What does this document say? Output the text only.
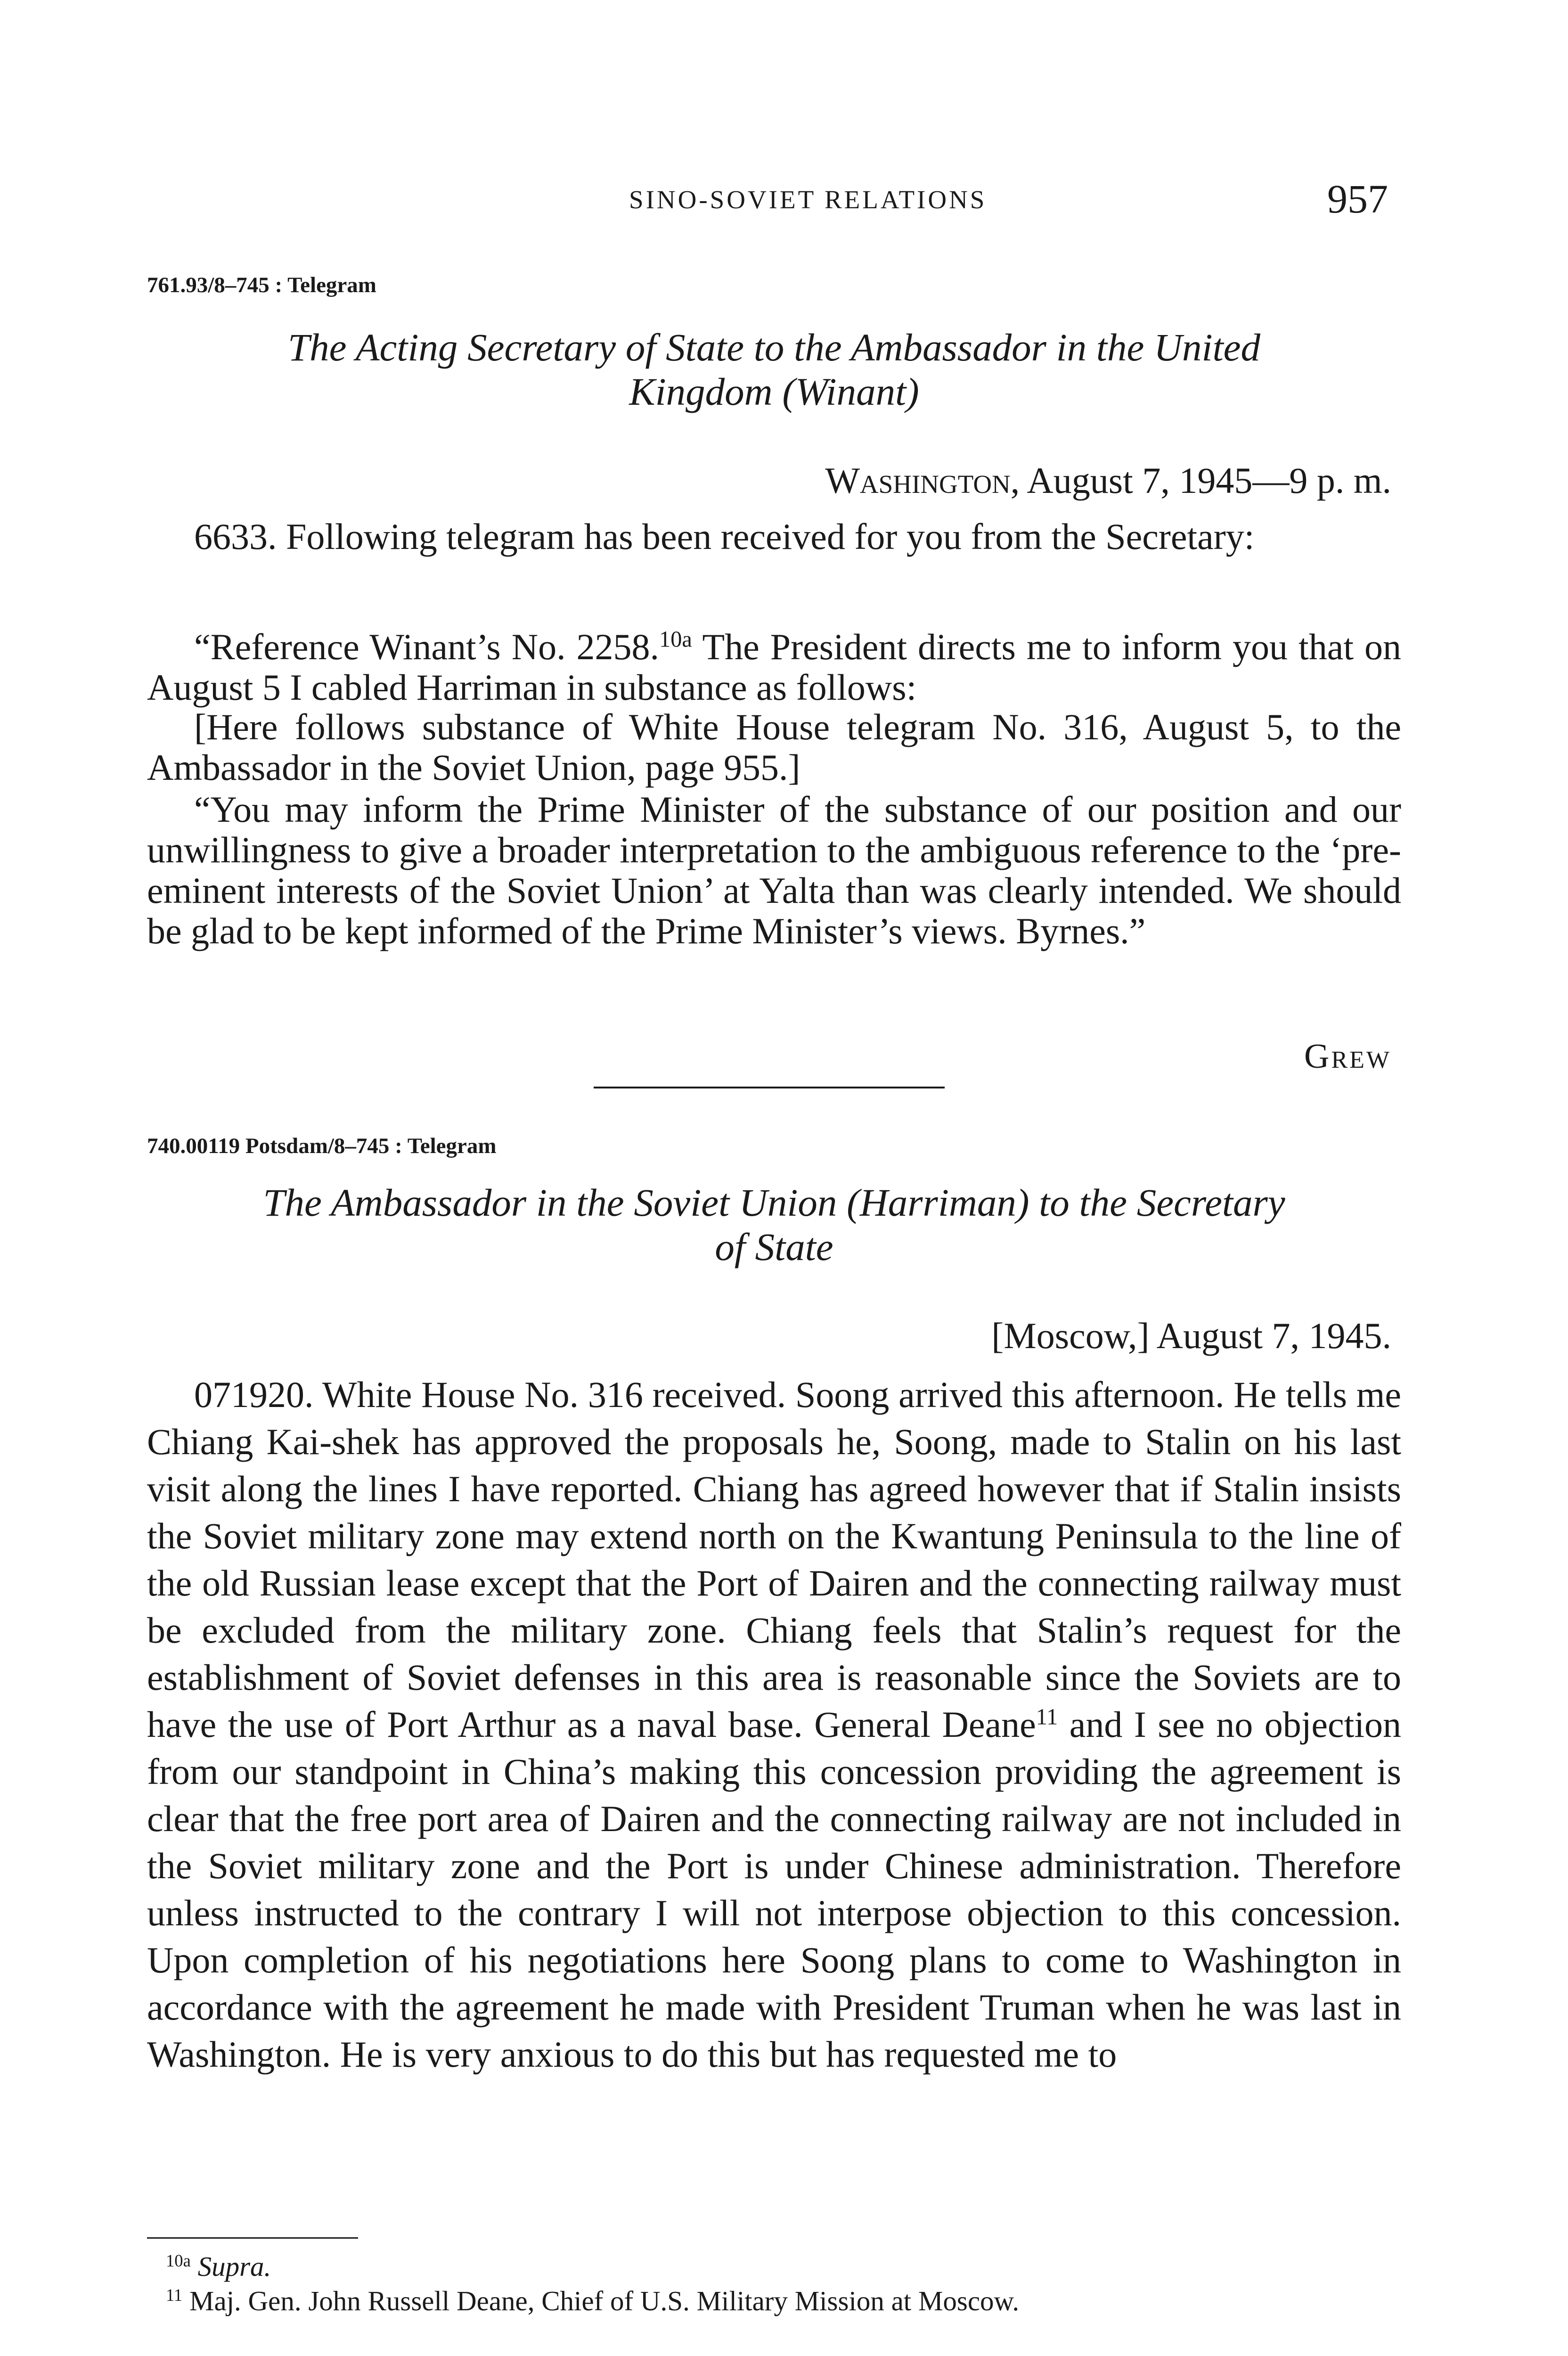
SINO-SOVIET RELATIONS	957
761.93/8–745 : Telegram
The Acting Secretary of State to the Ambassador in the United
Kingdom (Winant)
Washington, August 7, 1945—9 p. m.
6633. Following telegram has been received for you from the Secretary:
“Reference Winant’s No. 2258.$^{10a}$ The President directs me to inform you that on August 5 I cabled Harriman in substance as follows:
[Here follows substance of White House telegram No. 316, August 5, to the Ambassador in the Soviet Union, page 955.]
“You may inform the Prime Minister of the substance of our position and our unwillingness to give a broader interpretation to the ambiguous reference to the ‘pre-eminent interests of the Soviet Union’ at Yalta than was clearly intended. We should be glad to be kept informed of the Prime Minister’s views. Byrnes.”
Grew
740.00119 Potsdam/8–745 : Telegram
The Ambassador in the Soviet Union (Harriman) to the Secretary
of State
[Moscow,] August 7, 1945.
071920. White House No. 316 received. Soong arrived this afternoon. He tells me Chiang Kai-shek has approved the proposals he, Soong, made to Stalin on his last visit along the lines I have reported. Chiang has agreed however that if Stalin insists the Soviet military zone may extend north on the Kwantung Peninsula to the line of the old Russian lease except that the Port of Dairen and the connecting railway must be excluded from the military zone. Chiang feels that Stalin’s request for the establishment of Soviet defenses in this area is reasonable since the Soviets are to have the use of Port Arthur as a naval base. General Deane$^{11}$ and I see no objection from our standpoint in China’s making this concession providing the agreement is clear that the free port area of Dairen and the connecting railway are not included in the Soviet military zone and the Port is under Chinese administration. Therefore unless instructed to the contrary I will not interpose objection to this concession. Upon completion of his negotiations here Soong plans to come to Washington in accordance with the agreement he made with President Truman when he was last in Washington. He is very anxious to do this but has requested me to
$^{10a}$ Supra.
$^{11}$ Maj. Gen. John Russell Deane, Chief of U.S. Military Mission at Moscow.
